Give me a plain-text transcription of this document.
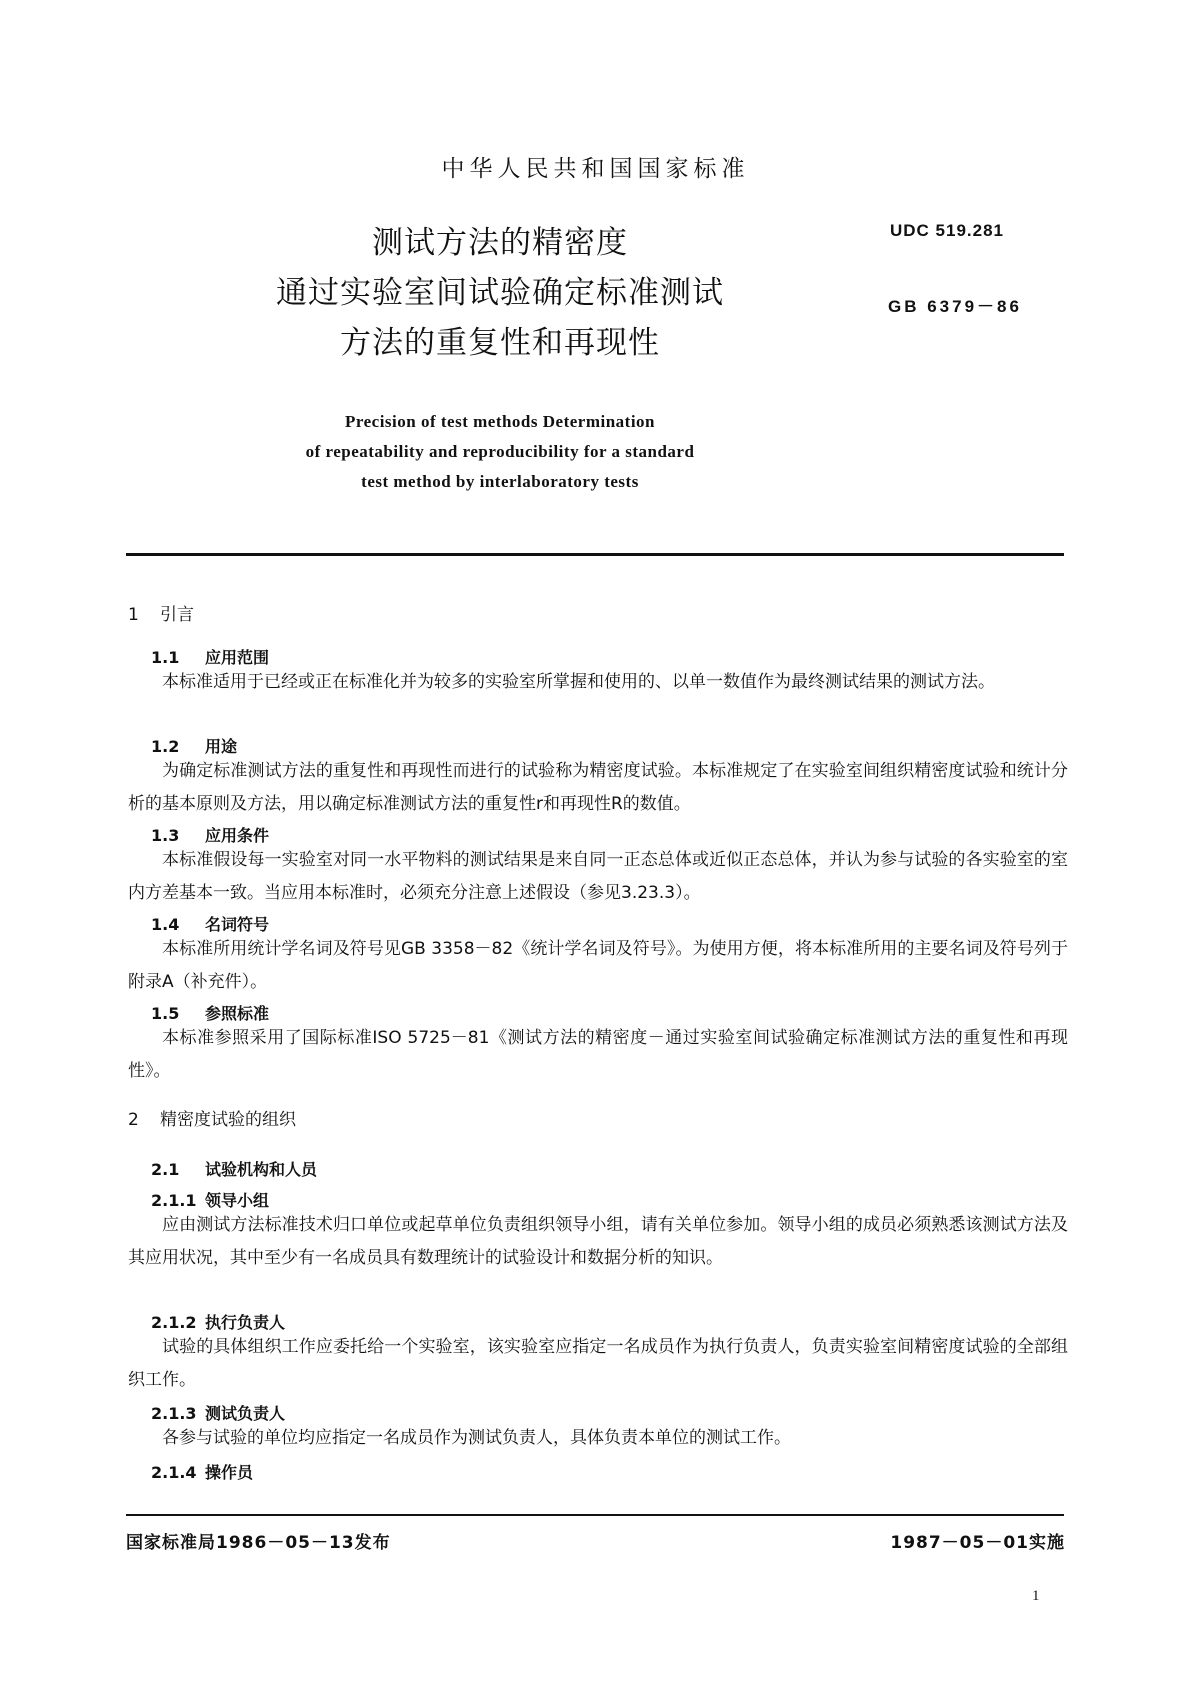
中华人民共和国国家标准
UDC 519.281
GB 6379－86
测试方法的精密度
通过实验室间试验确定标准测试
方法的重复性和再现性
Precision of test methods Determination
of repeatability and reproducibility for a standard
test method by interlaboratory tests
1 引言
1.1 应用范围
本标准适用于已经或正在标准化并为较多的实验室所掌握和使用的、以单一数值作为最终测试结果的测试方法。
1.2 用途
为确定标准测试方法的重复性和再现性而进行的试验称为精密度试验。本标准规定了在实验室间组织精密度试验和统计分析的基本原则及方法，用以确定标准测试方法的重复性r和再现性R的数值。
1.3 应用条件
本标准假设每一实验室对同一水平物料的测试结果是来自同一正态总体或近似正态总体，并认为参与试验的各实验室的室内方差基本一致。当应用本标准时，必须充分注意上述假设（参见3.23.3）。
1.4 名词符号
本标准所用统计学名词及符号见GB 3358－82《统计学名词及符号》。为使用方便，将本标准所用的主要名词及符号列于附录A（补充件）。
1.5 参照标准
本标准参照采用了国际标准ISO 5725－81《测试方法的精密度－通过实验室间试验确定标准测试方法的重复性和再现性》。
2 精密度试验的组织
2.1 试验机构和人员
2.1.1 领导小组
应由测试方法标准技术归口单位或起草单位负责组织领导小组，请有关单位参加。领导小组的成员必须熟悉该测试方法及其应用状况，其中至少有一名成员具有数理统计的试验设计和数据分析的知识。
2.1.2 执行负责人
试验的具体组织工作应委托给一个实验室，该实验室应指定一名成员作为执行负责人，负责实验室间精密度试验的全部组织工作。
2.1.3 测试负责人
各参与试验的单位均应指定一名成员作为测试负责人，具体负责本单位的测试工作。
2.1.4 操作员
国家标准局1986－05－13发布	1987－05－01实施
1
